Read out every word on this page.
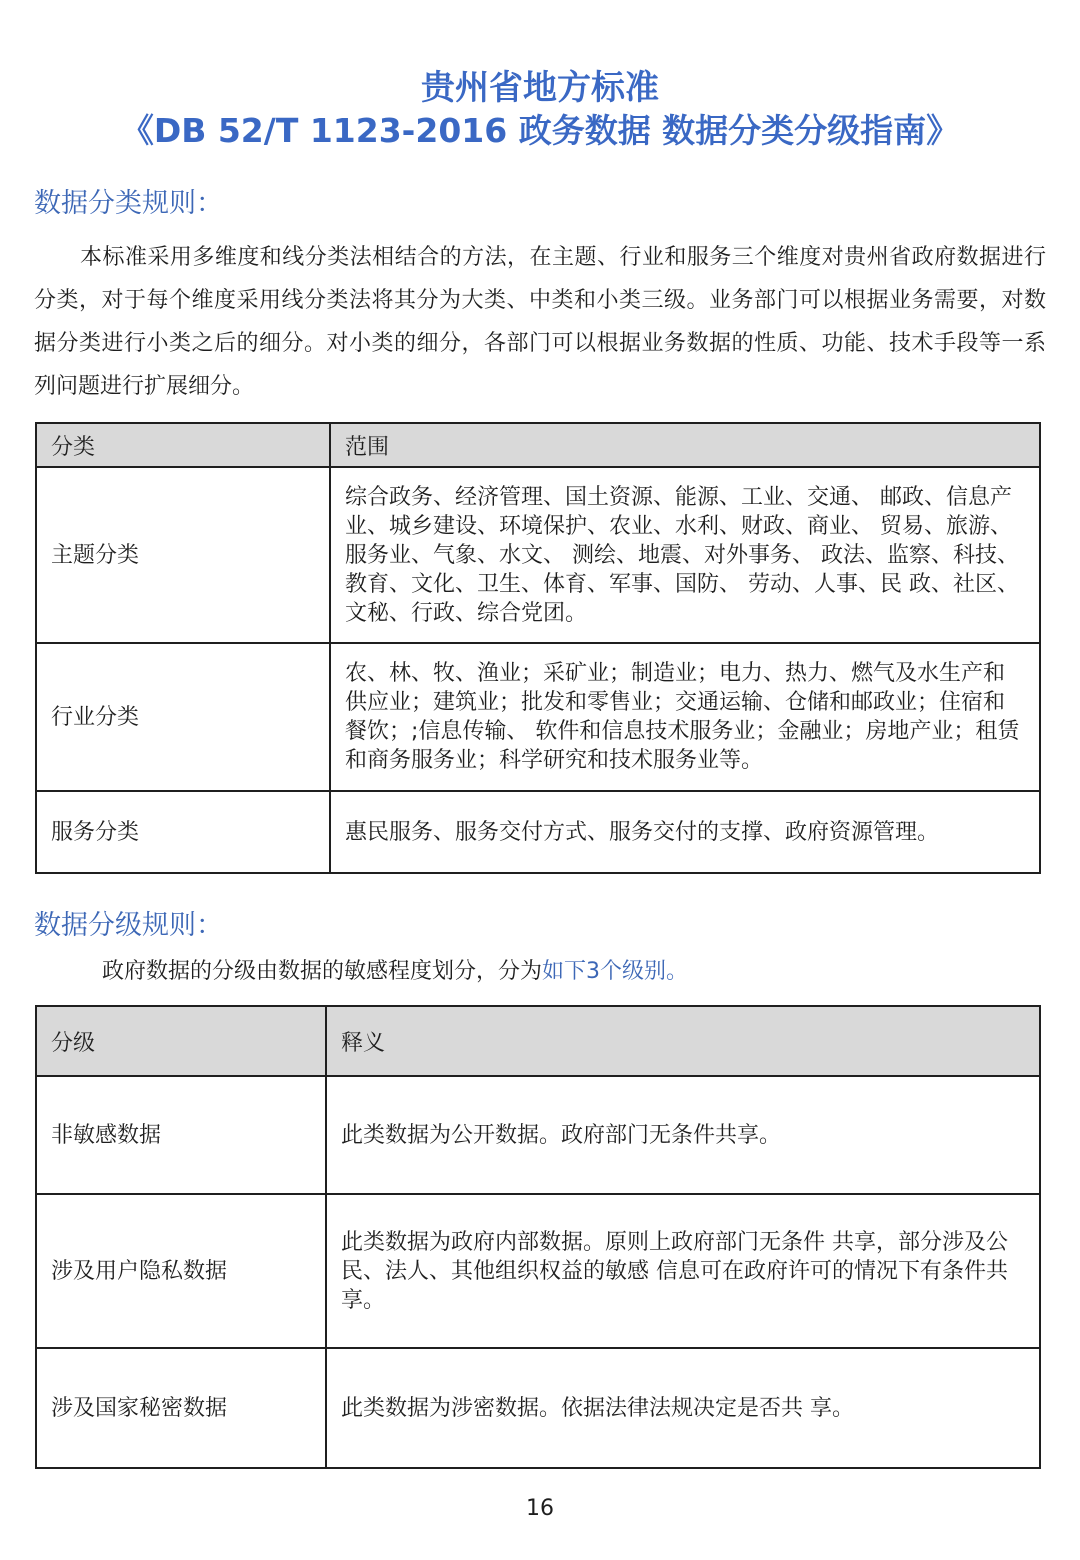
贵州省地方标准
《DB 52/T 1123-2016 政务数据 数据分类分级指南》
数据分类规则：
本标准采用多维度和线分类法相结合的方法，在主题、行业和服务三个维度对贵州省政府数据进行 分类，对于每个维度采用线分类法将其分为大类、中类和小类三级。业务部门可以根据业务需要，对数 据分类进行小类之后的细分。对小类的细分，各部门可以根据业务数据的性质、功能、技术手段等一系 列问题进行扩展细分。
分类	范围
主题分类	综合政务、经济管理、国土资源、能源、工业、交通、 邮政、信息产业、城乡建设、环境保护、农业、水利、财政、商业、 贸易、旅游、服务业、气象、水文、 测绘、地震、对外事务、 政法、监察、科技、教育、文化、卫生、体育、军事、国防、 劳动、人事、民 政、社区、文秘、行政、综合党团。
行业分类	农、林、牧、渔业；采矿业；制造业；电力、热力、燃气及水生产和供应业；建筑业；批发和零售业；交通运输、仓储和邮政业；住宿和餐饮；;信息传输、 软件和信息技术服务业；金融业；房地产业；租赁和商务服务业；科学研究和技术服务业等。
服务分类	惠民服务、服务交付方式、服务交付的支撑、政府资源管理。
数据分级规则：
政府数据的分级由数据的敏感程度划分，分为如下3个级别。
分级	释义
非敏感数据	此类数据为公开数据。政府部门无条件共享。
涉及用户隐私数据	此类数据为政府内部数据。原则上政府部门无条件 共享，部分涉及公民、法人、其他组织权益的敏感 信息可在政府许可的情况下有条件共享。
涉及国家秘密数据	此类数据为涉密数据。依据法律法规决定是否共 享。
16
